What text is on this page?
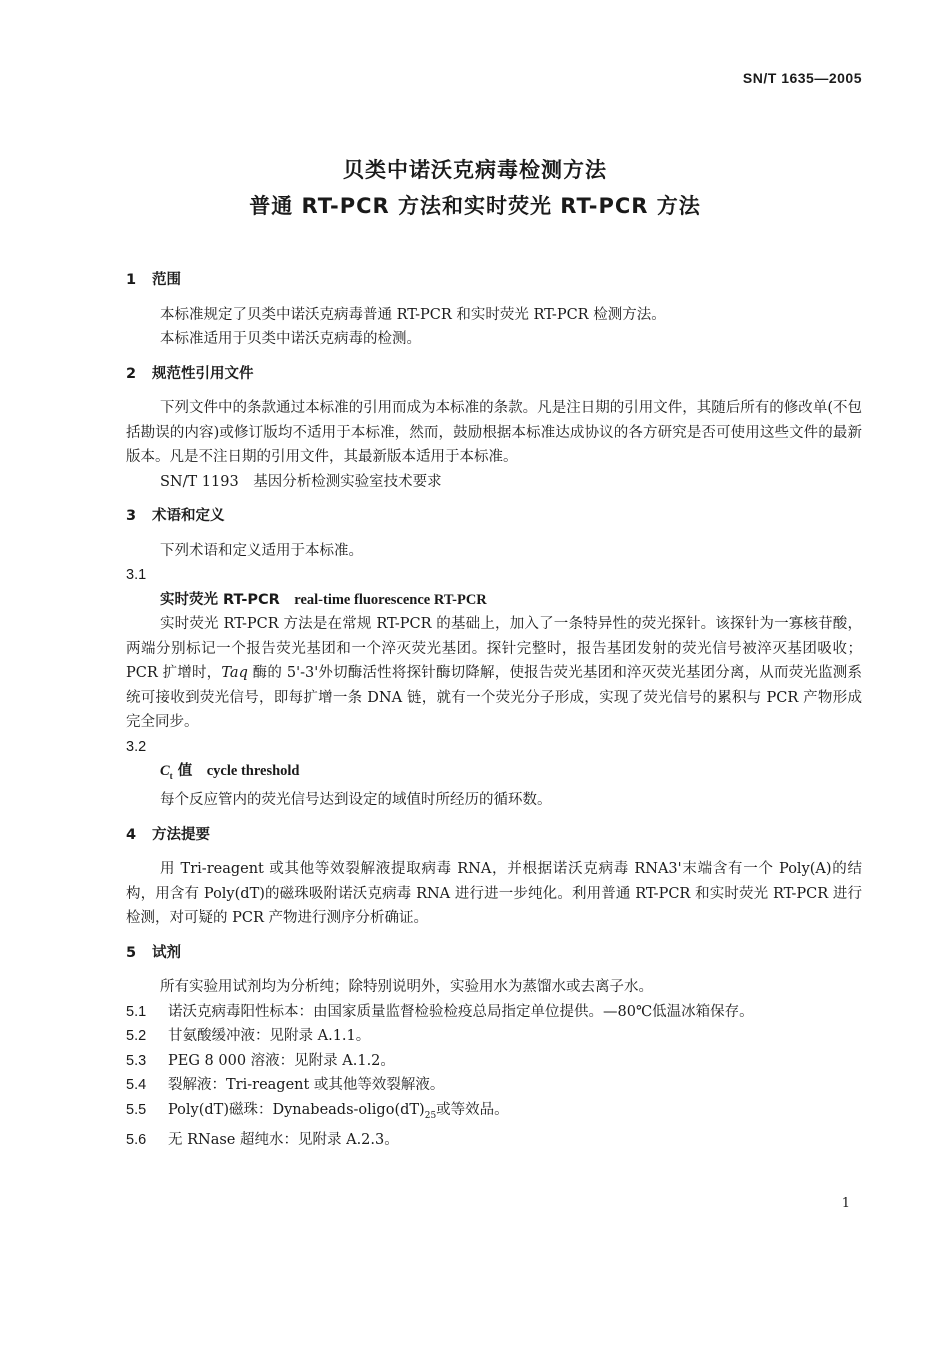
SN/T 1635—2005
贝类中诺沃克病毒检测方法
普通 RT-PCR 方法和实时荧光 RT-PCR 方法

1 范围

本标准规定了贝类中诺沃克病毒普通 RT-PCR 和实时荧光 RT-PCR 检测方法。

本标准适用于贝类中诺沃克病毒的检测。

2 规范性引用文件

下列文件中的条款通过本标准的引用而成为本标准的条款。凡是注日期的引用文件，其随后所有的修改单(不包括勘误的内容)或修订版均不适用于本标准，然而，鼓励根据本标准达成协议的各方研究是否可使用这些文件的最新版本。凡是不注日期的引用文件，其最新版本适用于本标准。

SN/T 1193　基因分析检测实验室技术要求

3 术语和定义

下列术语和定义适用于本标准。

3.1

实时荧光 RT-PCR　 real-time fluorescence RT-PCR

实时荧光 RT-PCR 方法是在常规 RT-PCR 的基础上，加入了一条特异性的荧光探针。该探针为一寡核苷酸，两端分别标记一个报告荧光基团和一个淬灭荧光基团。探针完整时，报告基团发射的荧光信号被淬灭基团吸收；PCR 扩增时，Taq 酶的 5'-3'外切酶活性将探针酶切降解，使报告荧光基团和淬灭荧光基团分离，从而荧光监测系统可接收到荧光信号，即每扩增一条 DNA 链，就有一个荧光分子形成，实现了荧光信号的累积与 PCR 产物形成完全同步。

3.2

$C_t$ 值　 cycle threshold

每个反应管内的荧光信号达到设定的域值时所经历的循环数。

4 方法提要

用 Tri-reagent 或其他等效裂解液提取病毒 RNA，并根据诺沃克病毒 RNA3'末端含有一个 Poly(A)的结构，用含有 Poly(dT)的磁珠吸附诺沃克病毒 RNA 进行进一步纯化。利用普通 RT-PCR 和实时荧光 RT-PCR 进行检测，对可疑的 PCR 产物进行测序分析确证。

5 试剂

所有实验用试剂均为分析纯；除特别说明外，实验用水为蒸馏水或去离子水。

5.1 诺沃克病毒阳性标本：由国家质量监督检验检疫总局指定单位提供。—80℃低温冰箱保存。

5.2 甘氨酸缓冲液：见附录 A.1.1。

5.3 PEG 8 000 溶液：见附录 A.1.2。

5.4 裂解液：Tri-reagent 或其他等效裂解液。

5.5 Poly(dT)磁珠：Dynabeads-$oligo(dT)_{25}$或等效品。

5.6 无 RNase 超纯水：见附录 A.2.3。

1
